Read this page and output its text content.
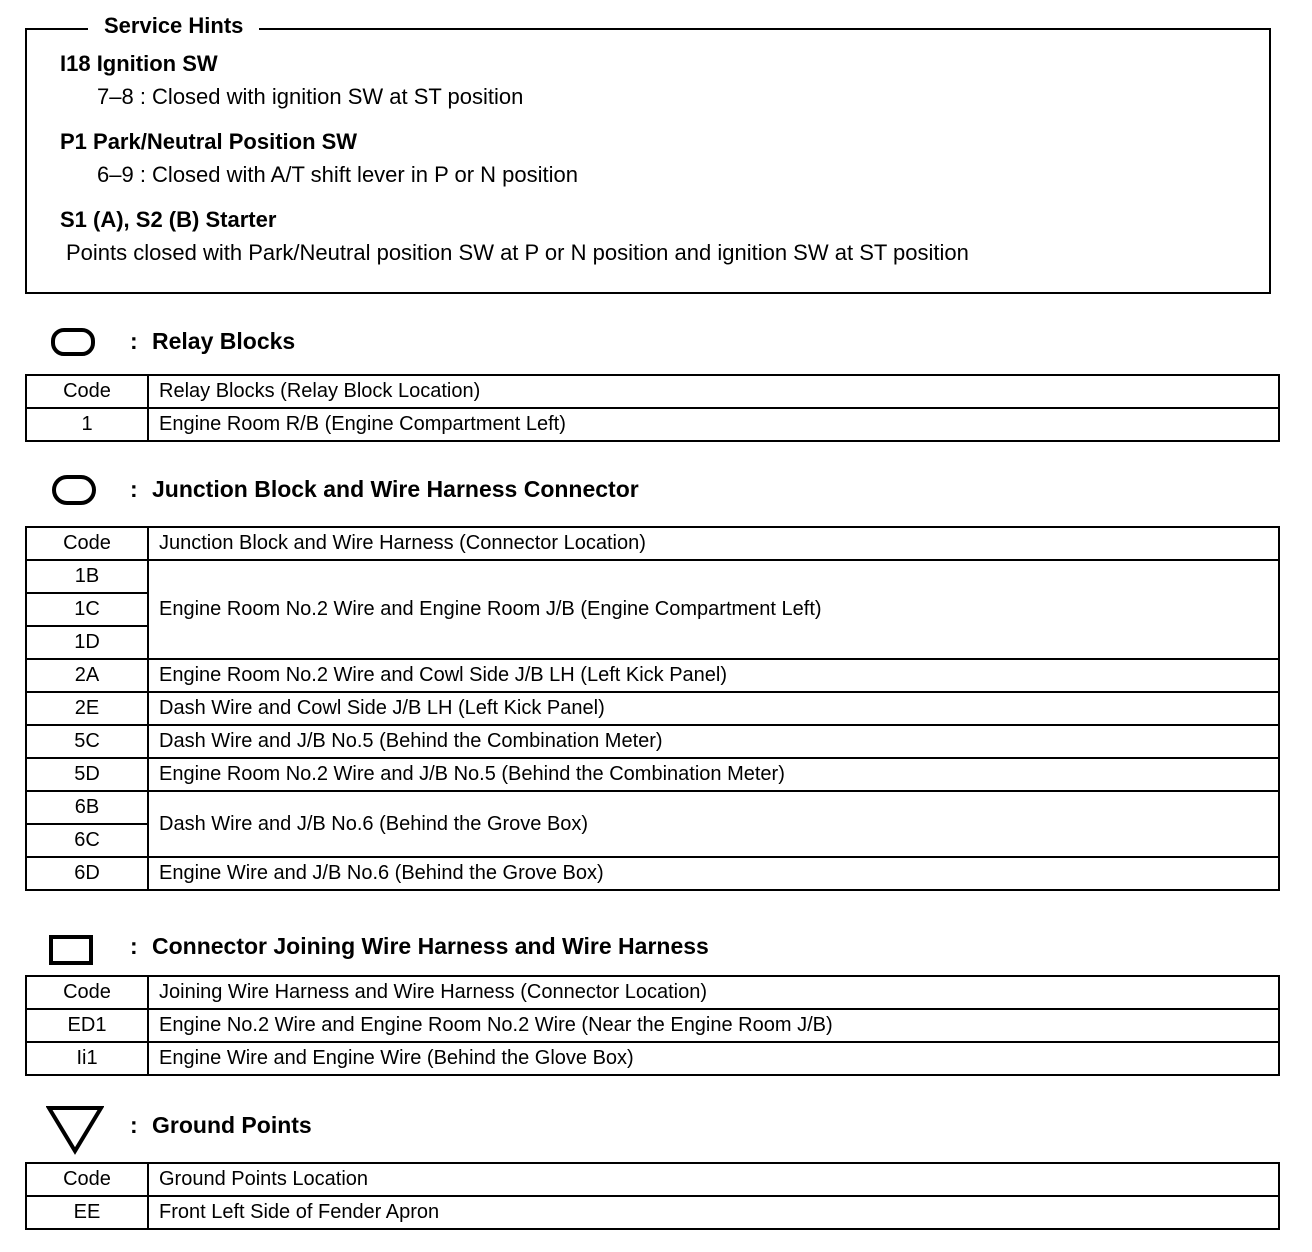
Service Hints
I18 Ignition SW
7–8 : Closed with ignition SW at ST position
P1 Park/Neutral Position SW
6–9 : Closed with A/T shift lever in P or N position
S1 (A), S2 (B) Starter
Points closed with Park/Neutral position SW at P or N position and ignition SW at ST position
: Relay Blocks
Code	Relay Blocks (Relay Block Location)
1	Engine Room R/B (Engine Compartment Left)
: Junction Block and Wire Harness Connector
Code	Junction Block and Wire Harness (Connector Location)
1B	Engine Room No.2 Wire and Engine Room J/B (Engine Compartment Left)
1C	
1D	
2A	Engine Room No.2 Wire and Cowl Side J/B LH (Left Kick Panel)
2E	Dash Wire and Cowl Side J/B LH (Left Kick Panel)
5C	Dash Wire and J/B No.5 (Behind the Combination Meter)
5D	Engine Room No.2 Wire and J/B No.5 (Behind the Combination Meter)
6B	Dash Wire and J/B No.6 (Behind the Grove Box)
6C	
6D	Engine Wire and J/B No.6 (Behind the Grove Box)
: Connector Joining Wire Harness and Wire Harness
Code	Joining Wire Harness and Wire Harness (Connector Location)
ED1	Engine No.2 Wire and Engine Room No.2 Wire (Near the Engine Room J/B)
Ii1	Engine Wire and Engine Wire (Behind the Glove Box)
: Ground Points
Code	Ground Points Location
EE	Front Left Side of Fender Apron
